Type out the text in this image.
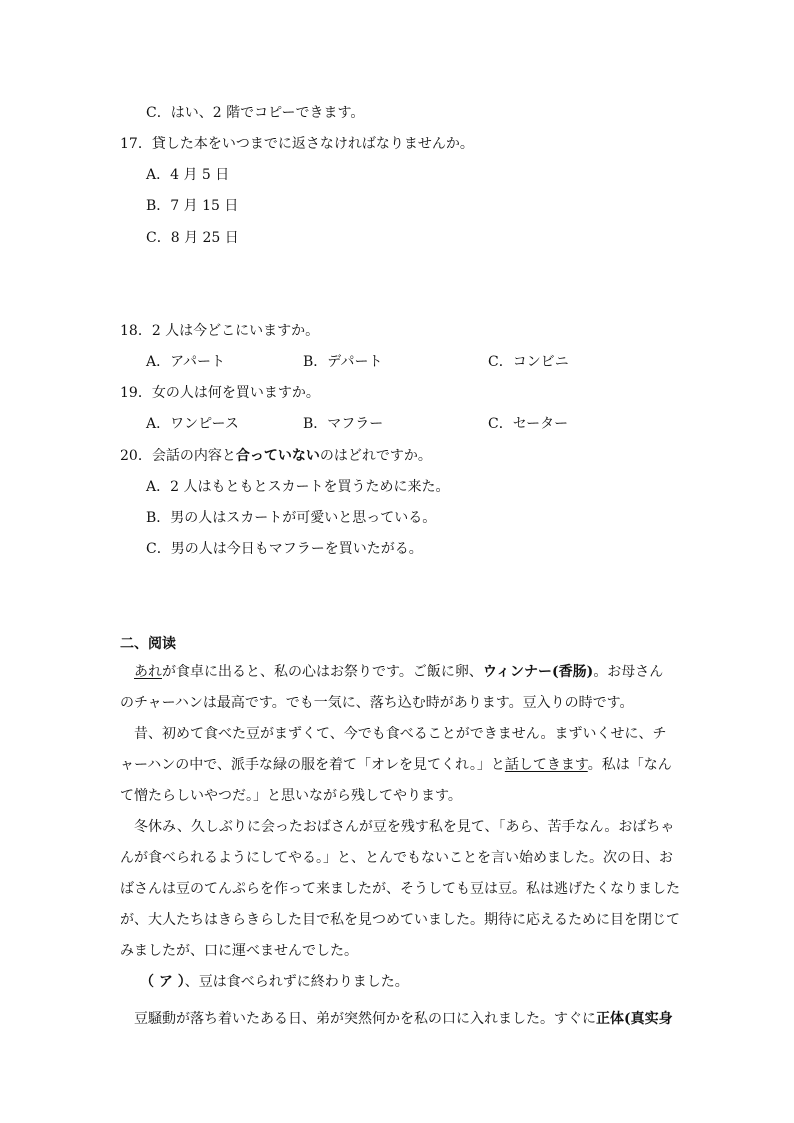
C．はい、2 階でコピーできます。
17．貸した本をいつまでに返さなければなりませんか。
A．4 月 5 日
B．7 月 15 日
C．8 月 25 日
18．2 人は今どこにいますか。
A．アパート	B．デパート	C．コンビニ
19．女の人は何を買いますか。
A．ワンピース	B．マフラー	C．セーター
20．会話の内容と合っていないのはどれですか。
A．2 人はもともとスカートを買うために来た。
B．男の人はスカートが可愛いと思っている。
C．男の人は今日もマフラーを買いたがる。
二、阅读
あれが食卓に出ると、私の心はお祭りです。ご飯に卵、ウィンナー(香肠)。お母さん
のチャーハンは最高です。でも一気に、落ち込む時があります。豆入りの時です。
　昔、初めて食べた豆がまずくて、今でも食べることができません。まずいくせに、チ
ャーハンの中で、派手な緑の服を着て「オレを見てくれ。」と話してきます。私は「なん
て憎たらしいやつだ。」と思いながら残してやります。
　冬休み、久しぶりに会ったおばさんが豆を残す私を見て、「あら、苦手なん。おばちゃ
んが食べられるようにしてやる。」と、とんでもないことを言い始めました。次の日、お
ばさんは豆のてんぷらを作って来ましたが、そうしても豆は豆。私は逃げたくなりました
が、大人たちはきらきらした目で私を見つめていました。期待に応えるために目を閉じて
みましたが、口に運べませんでした。
（ ア ）、豆は食べられずに終わりました。
　豆騒動が落ち着いたある日、弟が突然何かを私の口に入れました。すぐに正体(真实身
